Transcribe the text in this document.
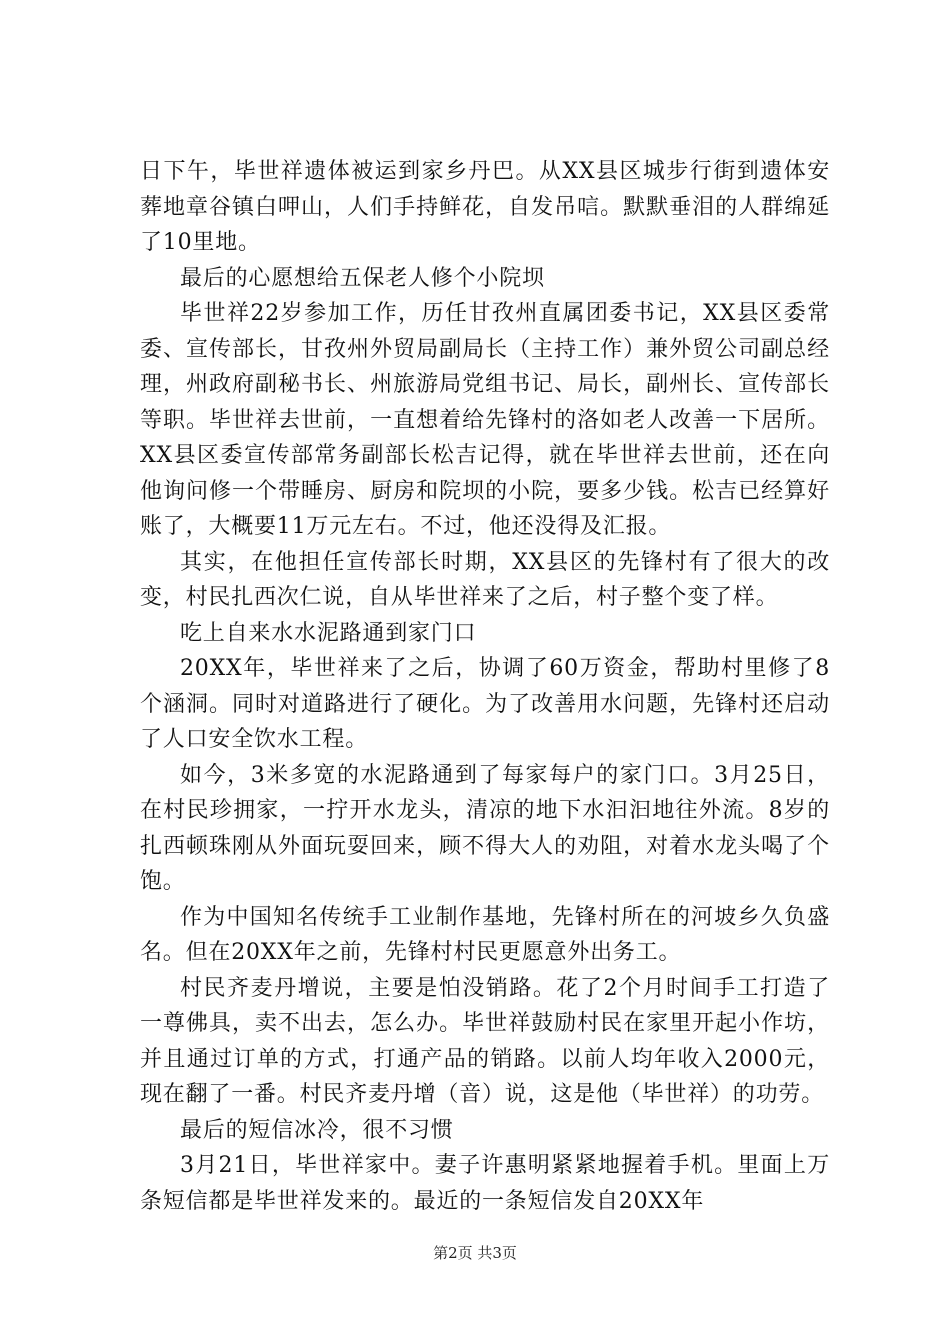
日下午，毕世祥遗体被运到家乡丹巴。从XX县区城步行街到遗体安葬地章谷镇白呷山，人们手持鲜花，自发吊唁。默默垂泪的人群绵延了10里地。

最后的心愿想给五保老人修个小院坝

毕世祥22岁参加工作，历任甘孜州直属团委书记，XX县区委常委、宣传部长，甘孜州外贸局副局长（主持工作）兼外贸公司副总经理，州政府副秘书长、州旅游局党组书记、局长，副州长、宣传部长等职。毕世祥去世前，一直想着给先锋村的洛如老人改善一下居所。XX县区委宣传部常务副部长松吉记得，就在毕世祥去世前，还在向他询问修一个带睡房、厨房和院坝的小院，要多少钱。松吉已经算好账了，大概要11万元左右。不过，他还没得及汇报。

其实，在他担任宣传部长时期，XX县区的先锋村有了很大的改变，村民扎西次仁说，自从毕世祥来了之后，村子整个变了样。

吃上自来水水泥路通到家门口

20XX年，毕世祥来了之后，协调了60万资金，帮助村里修了8个涵洞。同时对道路进行了硬化。为了改善用水问题，先锋村还启动了人口安全饮水工程。

如今，3米多宽的水泥路通到了每家每户的家门口。3月25日，在村民珍拥家，一拧开水龙头，清凉的地下水汩汩地往外流。8岁的扎西顿珠刚从外面玩耍回来，顾不得大人的劝阻，对着水龙头喝了个饱。

作为中国知名传统手工业制作基地，先锋村所在的河坡乡久负盛名。但在20XX年之前，先锋村村民更愿意外出务工。

村民齐麦丹增说，主要是怕没销路。花了2个月时间手工打造了一尊佛具，卖不出去，怎么办。毕世祥鼓励村民在家里开起小作坊，并且通过订单的方式，打通产品的销路。以前人均年收入2000元，现在翻了一番。村民齐麦丹增（音）说，这是他（毕世祥）的功劳。

最后的短信冰冷，很不习惯

3月21日，毕世祥家中。妻子许惠明紧紧地握着手机。里面上万条短信都是毕世祥发来的。最近的一条短信发自20XX年

第2页 共3页
